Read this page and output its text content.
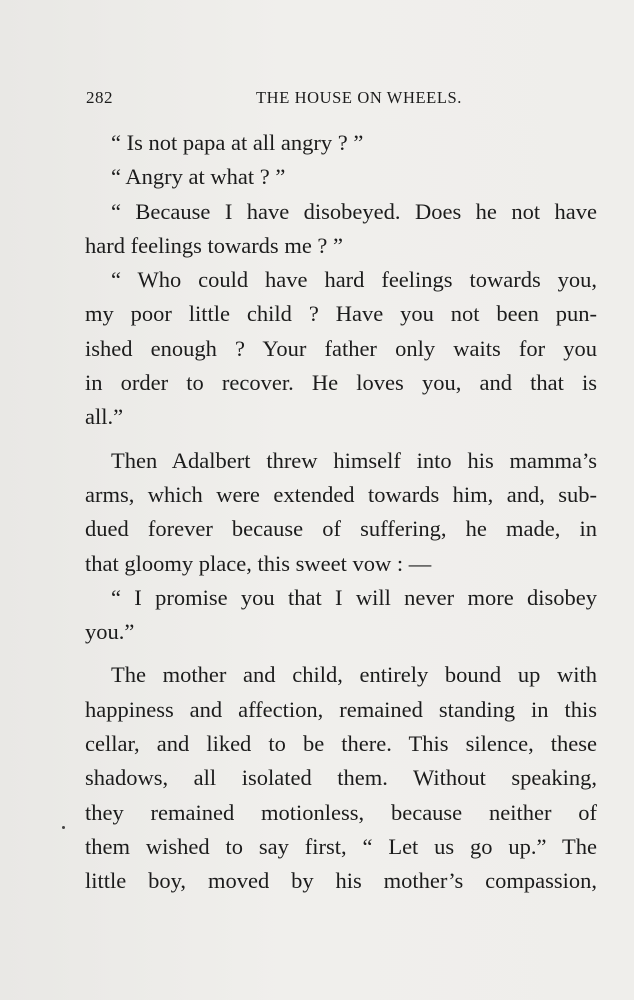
282	THE HOUSE ON WHEELS.

“ Is not papa at all angry ? ”

“ Angry at what ? ”

“ Because I have disobeyed. Does he not have
hard feelings towards me ? ”

“ Who could have hard feelings towards you,
my poor little child ? Have you not been pun-
ished enough ? Your father only waits for you
in order to recover. He loves you, and that is
all.”

Then Adalbert threw himself into his mamma’s
arms, which were extended towards him, and, sub-
dued forever because of suffering, he made, in
that gloomy place, this sweet vow : —

“ I promise you that I will never more disobey
you.”

The mother and child, entirely bound up with
happiness and affection, remained standing in this
cellar, and liked to be there. This silence, these
shadows, all isolated them. Without speaking,
they remained motionless, because neither of
them wished to say first, “ Let us go up.” The
little boy, moved by his mother’s compassion,
